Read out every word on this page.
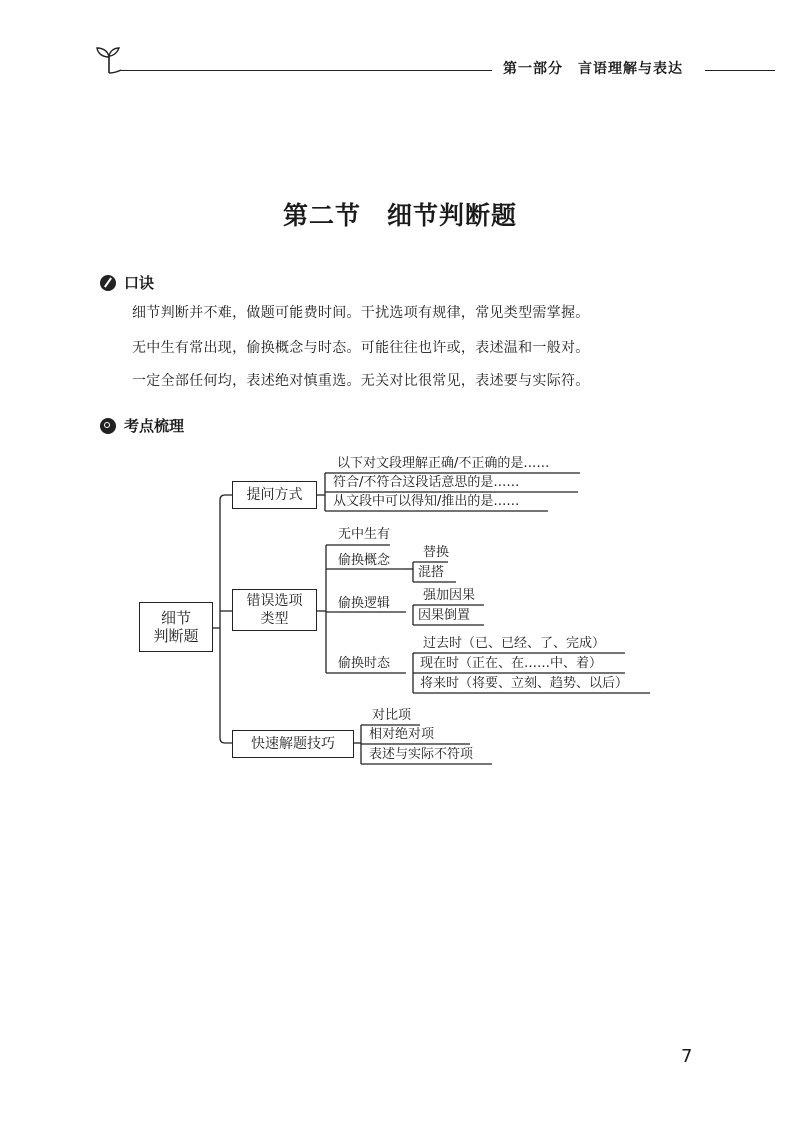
第一部分　言语理解与表达
第二节　细节判断题
口诀
细节判断并不难，做题可能费时间。干扰选项有规律，常见类型需掌握。
无中生有常出现，偷换概念与时态。可能往往也许或，表述温和一般对。
一定全部任何均，表述绝对慎重选。无关对比很常见，表述要与实际符。
考点梳理
细节
判断题
提问方式
以下对文段理解正确/不正确的是……
符合/不符合这段话意思的是……
从文段中可以得知/推出的是……
错误选项
类型
无中生有
偷换概念
替换
混搭
偷换逻辑
强加因果
因果倒置
偷换时态
过去时（已、已经、了、完成）
现在时（正在、在……中、着）
将来时（将要、立刻、趋势、以后）
快速解题技巧
对比项
相对绝对项
表述与实际不符项
7
